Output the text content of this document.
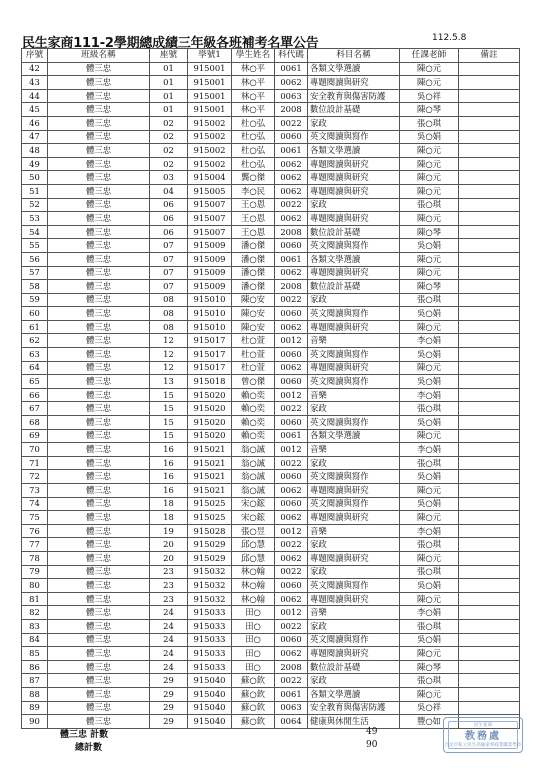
民生家商111-2學期總成績三年級各班補考名單公告	112.5.8
序號	班級名稱	座號	學號1	學生姓名	科代碼	科目名稱	任課老師	備註
42	體三忠	01	915001	林○平	0061	各類文學選讀	陳○元	
43	體三忠	01	915001	林○平	0062	專題閱讀與研究	陳○元	
44	體三忠	01	915001	林○平	0063	安全教育與傷害防護	吳○祥	
45	體三忠	01	915001	林○平	2008	數位設計基礎	陳○琴	
46	體三忠	02	915002	杜○弘	0022	家政	張○琪	
47	體三忠	02	915002	杜○弘	0060	英文閱讀與寫作	吳○娟	
48	體三忠	02	915002	杜○弘	0061	各類文學選讀	陳○元	
49	體三忠	02	915002	杜○弘	0062	專題閱讀與研究	陳○元	
50	體三忠	03	915004	龔○傑	0062	專題閱讀與研究	陳○元	
51	體三忠	04	915005	李○民	0062	專題閱讀與研究	陳○元	
52	體三忠	06	915007	王○恩	0022	家政	張○琪	
53	體三忠	06	915007	王○恩	0062	專題閱讀與研究	陳○元	
54	體三忠	06	915007	王○恩	2008	數位設計基礎	陳○琴	
55	體三忠	07	915009	潘○傑	0060	英文閱讀與寫作	吳○娟	
56	體三忠	07	915009	潘○傑	0061	各類文學選讀	陳○元	
57	體三忠	07	915009	潘○傑	0062	專題閱讀與研究	陳○元	
58	體三忠	07	915009	潘○傑	2008	數位設計基礎	陳○琴	
59	體三忠	08	915010	陳○安	0022	家政	張○琪	
60	體三忠	08	915010	陳○安	0060	英文閱讀與寫作	吳○娟	
61	體三忠	08	915010	陳○安	0062	專題閱讀與研究	陳○元	
62	體三忠	12	915017	杜○萱	0012	音樂	李○娟	
63	體三忠	12	915017	杜○萱	0060	英文閱讀與寫作	吳○娟	
64	體三忠	12	915017	杜○萱	0062	專題閱讀與研究	陳○元	
65	體三忠	13	915018	曾○傑	0060	英文閱讀與寫作	吳○娟	
66	體三忠	15	915020	賴○奕	0012	音樂	李○娟	
67	體三忠	15	915020	賴○奕	0022	家政	張○琪	
68	體三忠	15	915020	賴○奕	0060	英文閱讀與寫作	吳○娟	
69	體三忠	15	915020	賴○奕	0061	各類文學選讀	陳○元	
70	體三忠	16	915021	翁○誠	0012	音樂	李○娟	
71	體三忠	16	915021	翁○誠	0022	家政	張○琪	
72	體三忠	16	915021	翁○誠	0060	英文閱讀與寫作	吳○娟	
73	體三忠	16	915021	翁○誠	0062	專題閱讀與研究	陳○元	
74	體三忠	18	915025	宋○鋐	0060	英文閱讀與寫作	吳○娟	
75	體三忠	18	915025	宋○鋐	0062	專題閱讀與研究	陳○元	
76	體三忠	19	915028	張○昱	0012	音樂	李○娟	
77	體三忠	20	915029	邱○慧	0022	家政	張○琪	
78	體三忠	20	915029	邱○慧	0062	專題閱讀與研究	陳○元	
79	體三忠	23	915032	林○翰	0022	家政	張○琪	
80	體三忠	23	915032	林○翰	0060	英文閱讀與寫作	吳○娟	
81	體三忠	23	915032	林○翰	0062	專題閱讀與研究	陳○元	
82	體三忠	24	915033	田○	0012	音樂	李○娟	
83	體三忠	24	915033	田○	0022	家政	張○琪	
84	體三忠	24	915033	田○	0060	英文閱讀與寫作	吳○娟	
85	體三忠	24	915033	田○	0062	專題閱讀與研究	陳○元	
86	體三忠	24	915033	田○	2008	數位設計基礎	陳○琴	
87	體三忠	29	915040	蘇○欽	0022	家政	張○琪	
88	體三忠	29	915040	蘇○欽	0061	各類文學選讀	陳○元	
89	體三忠	29	915040	蘇○欽	0063	安全教育與傷害防護	吳○祥	
90	體三忠	29	915040	蘇○欽	0064	健康與休閒生活	豐○如	
體三忠 計數	49
總計數	90
民生家商
教務處
台北市私立民生高級家事商業職業學校
